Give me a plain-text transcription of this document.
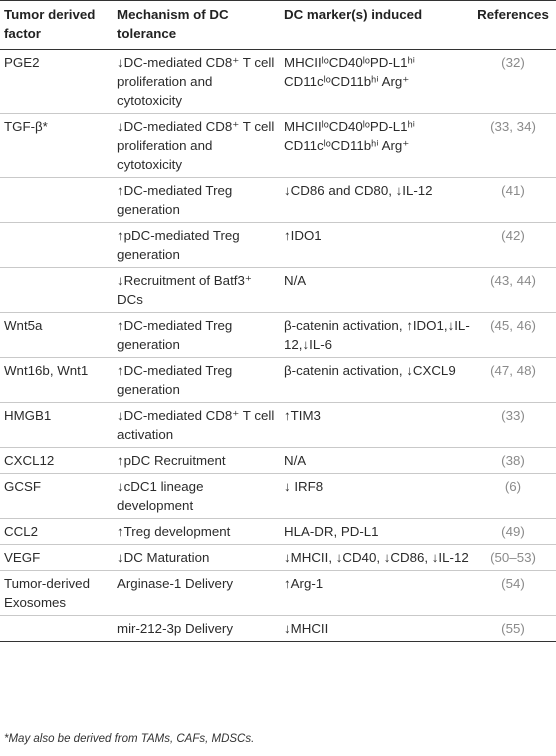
Tumor derived factor	Mechanism of DC tolerance	DC marker(s) induced	References
PGE2	↓DC-mediated CD8⁺ T cell proliferation and cytotoxicity	MHCIIˡᵒCD40ˡᵒPD-L1ʰⁱ CD11cˡᵒCD11bʰⁱ Arg⁺	(32)
TGF-β*	↓DC-mediated CD8⁺ T cell proliferation and cytotoxicity	MHCIIˡᵒCD40ˡᵒPD-L1ʰⁱ CD11cˡᵒCD11bʰⁱ Arg⁺	(33, 34)
	↑DC-mediated Treg generation	↓CD86 and CD80, ↓IL-12	(41)
	↑pDC-mediated Treg generation	↑IDO1	(42)
	↓Recruitment of Batf3⁺ DCs	N/A	(43, 44)
Wnt5a	↑DC-mediated Treg generation	β-catenin activation, ↑IDO1,↓IL-12,↓IL-6	(45, 46)
Wnt16b, Wnt1	↑DC-mediated Treg generation	β-catenin activation, ↓CXCL9	(47, 48)
HMGB1	↓DC-mediated CD8⁺ T cell activation	↑TIM3	(33)
CXCL12	↑pDC Recruitment	N/A	(38)
GCSF	↓cDC1 lineage development	↓ IRF8	(6)
CCL2	↑Treg development	HLA-DR, PD-L1	(49)
VEGF	↓DC Maturation	↓MHCII, ↓CD40, ↓CD86, ↓IL-12	(50–53)
Tumor-derived Exosomes	Arginase-1 Delivery	↑Arg-1	(54)
	mir-212-3p Delivery	↓MHCII	(55)
*May also be derived from TAMs, CAFs, MDSCs.
